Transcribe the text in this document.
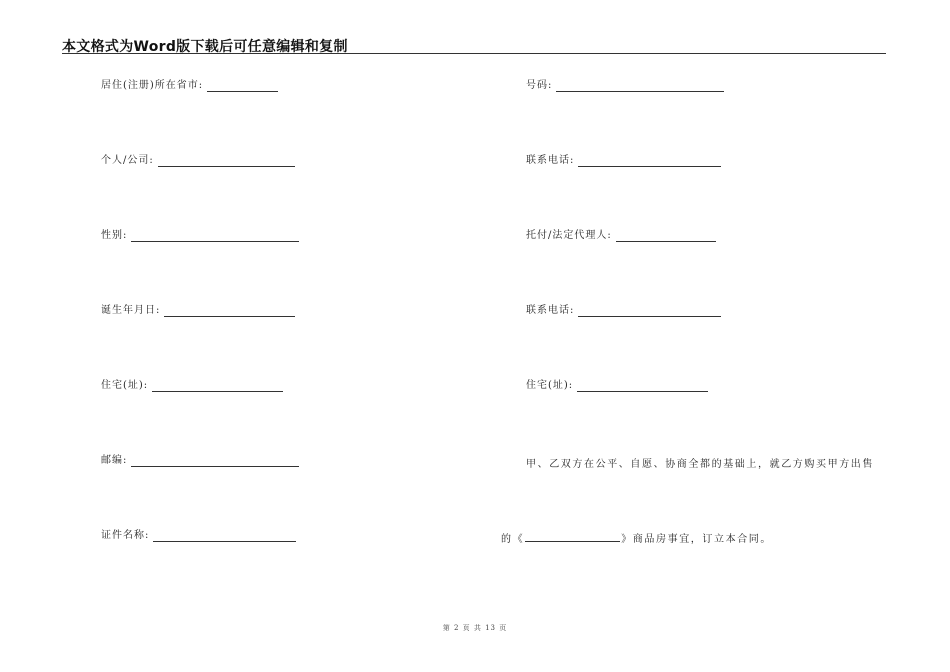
本文格式为Word版下载后可任意编辑和复制
居住(注册)所在省市:
个人/公司:
性别:
诞生年月日:
住宅(址):
邮编:
证件名称:
号码:
联系电话:
托付/法定代理人:
联系电话:
住宅(址):
甲、乙双方在公平、自愿、协商全都的基础上，就乙方购买甲方出售
的《	》商品房事宜，订立本合同。
第 2 页 共 13 页
